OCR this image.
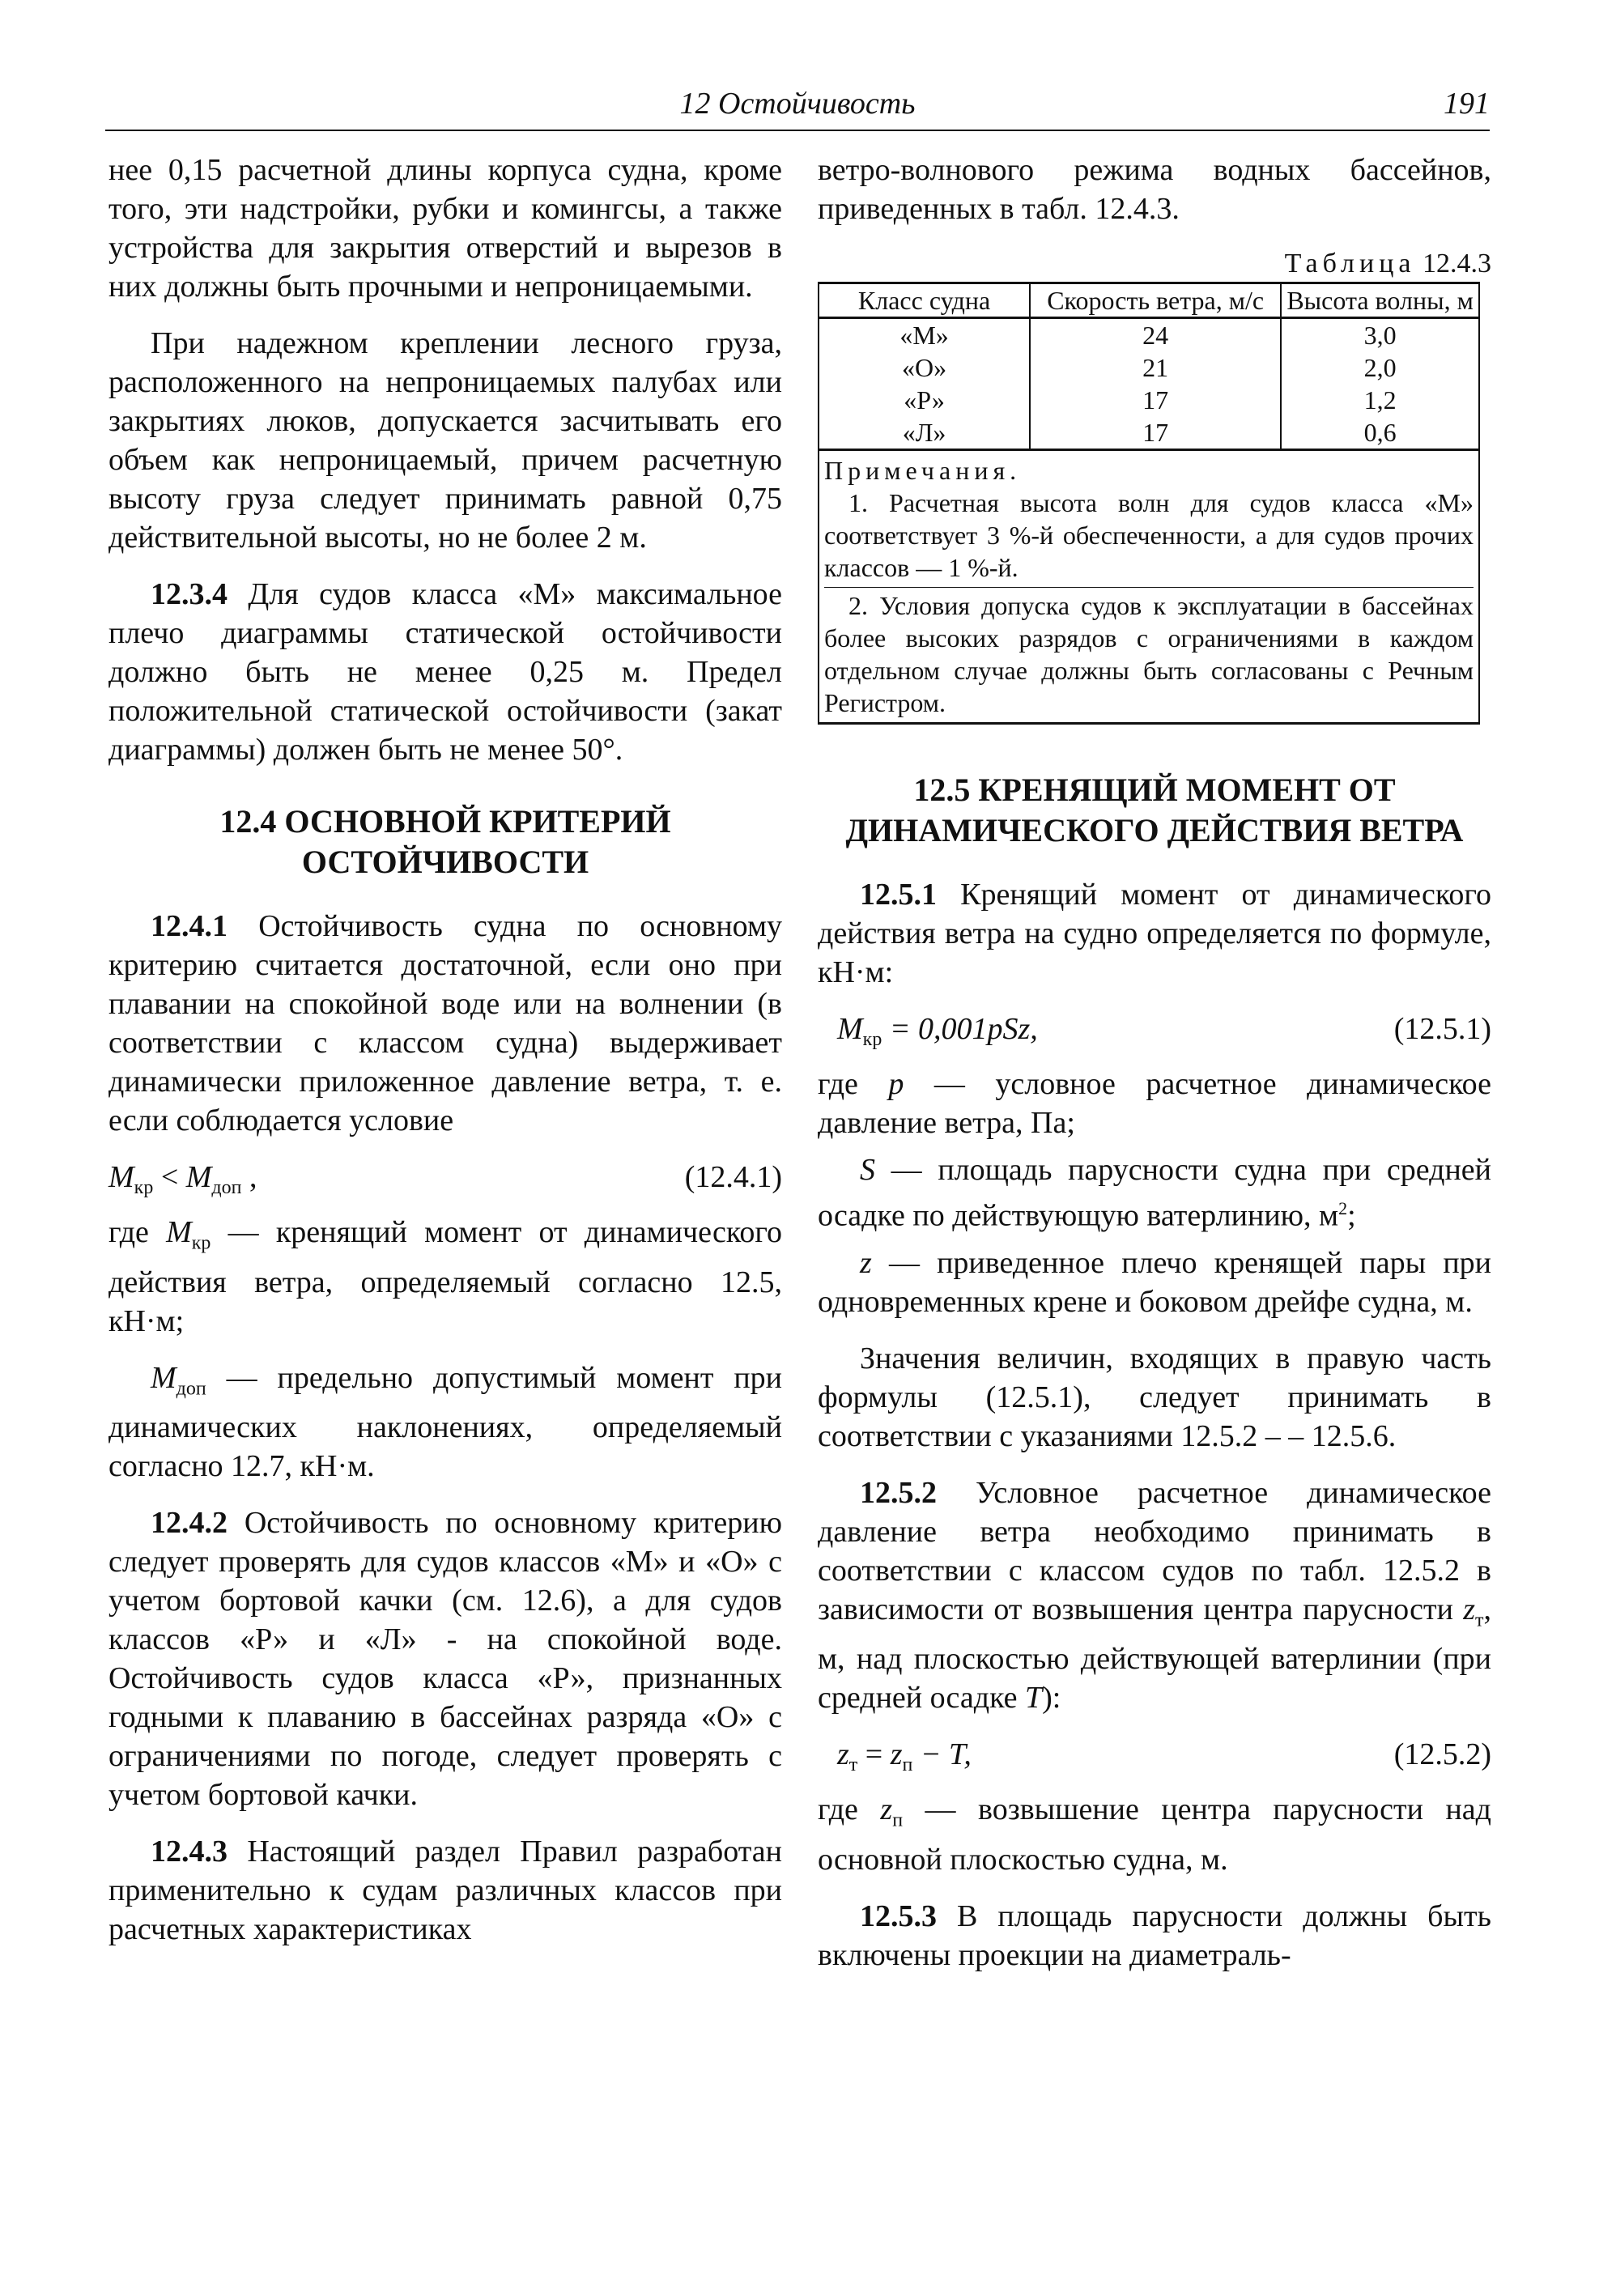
12 Остойчивость	191

нее 0,15 расчетной длины корпуса судна, кроме того, эти надстройки, рубки и комингсы, а также устройства для закрытия отверстий и вырезов в них должны быть прочными и непроницаемыми.

При надежном креплении лесного груза, расположенного на непроницаемых палубах или закрытиях люков, допускается засчитывать его объем как непроницаемый, причем расчетную высоту груза следует принимать равной 0,75 действительной высоты, но не более 2 м.

12.3.4 Для судов класса «М» максимальное плечо диаграммы статической остойчивости должно быть не менее 0,25 м. Предел положительной статической остойчивости (закат диаграммы) должен быть не менее 50°.

12.4 ОСНОВНОЙ КРИТЕРИЙ
ОСТОЙЧИВОСТИ

12.4.1 Остойчивость судна по основному критерию считается достаточной, если оно при плавании на спокойной воде или на волнении (в соответствии с классом судна) выдерживает динамически приложенное давление ветра, т. е. если соблюдается условие

$M_{кр} < M_{доп}$ ,	(12.4.1)

где $M_{кр}$ — кренящий момент от динамического действия ветра, определяемый согласно 12.5, кН·м;

$M_{доп}$ — предельно допустимый момент при динамических наклонениях, определяемый согласно 12.7, кН·м.

12.4.2 Остойчивость по основному критерию следует проверять для судов классов «М» и «О» с учетом бортовой качки (см. 12.6), а для судов классов «Р» и «Л» - на спокойной воде. Остойчивость судов класса «Р», признанных годными к плаванию в бассейнах разряда «О» с ограничениями по погоде, следует проверять с учетом бортовой качки.

12.4.3 Настоящий раздел Правил разработан применительно к судам различных классов при расчетных характеристиках

ветро-волнового режима водных бассейнов, приведенных в табл. 12.4.3.

Таблица 12.4.3
Класс судна	Скорость ветра, м/с	Высота волны, м
«М»	24	3,0
«О»	21	2,0
«Р»	17	1,2
«Л»	17	0,6

Примечания.

1. Расчетная высота волн для судов класса «М» соответствует 3 %-й обеспеченности, а для судов прочих классов — 1 %-й.

2. Условия допуска судов к эксплуатации в бассейнах более высоких разрядов с ограничениями в каждом отдельном случае должны быть согласованы с Речным Регистром.		

12.5 КРЕНЯЩИЙ МОМЕНТ ОТ
ДИНАМИЧЕСКОГО ДЕЙСТВИЯ ВЕТРА

12.5.1 Кренящий момент от динамического действия ветра на судно определяется по формуле, кН·м:

$M_{кр} = 0,001pSz$,	(12.5.1)

где p — условное расчетное динамическое давление ветра, Па;

S — площадь парусности судна при средней осадке по действующую ватерлинию, $м^2$;

z — приведенное плечо кренящей пары при одновременных крене и боковом дрейфе судна, м.

Значения величин, входящих в правую часть формулы (12.5.1), следует принимать в соответствии с указаниями 12.5.2 – – 12.5.6.

12.5.2 Условное расчетное динамическое давление ветра необходимо принимать в соответствии с классом судов по табл. 12.5.2 в зависимости от возвышения центра парусности $z_т$, м, над плоскостью действующей ватерлинии (при средней осадке T):

$z_т = z_п - T$,	(12.5.2)

где $z_п$ — возвышение центра парусности над основной плоскостью судна, м.

12.5.3 В площадь парусности должны быть включены проекции на диаметраль-
